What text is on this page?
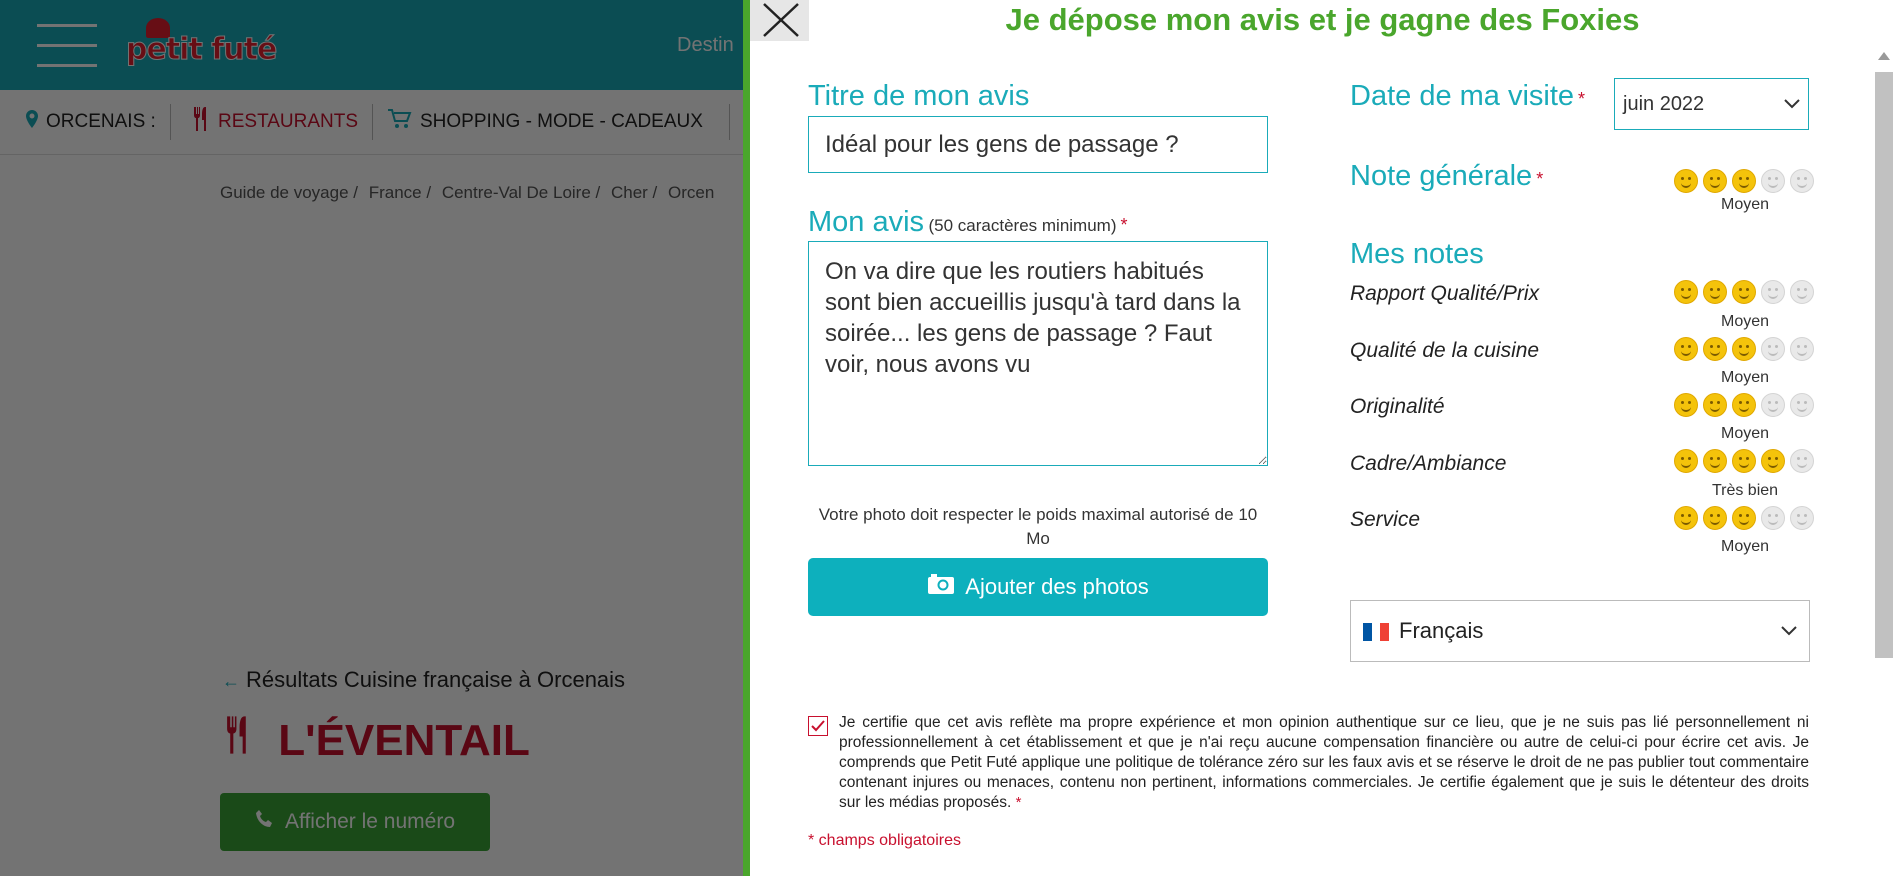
Je dépose mon avis et je gagne des Foxies
Titre de mon avis
Idéal pour les gens de passage ?
Mon avis (50 caractères minimum) *
On va dire que les routiers habitués sont bien accueillis jusqu'à tard dans la soirée... les gens de passage ? Faut voir, nous avons vu
Votre photo doit respecter le poids maximal autorisé de 10 Mo
Ajouter des photos
Date de ma visite * juin 2022
Note générale *
Moyen
Mes notes
Rapport Qualité/Prix
Moyen
Qualité de la cuisine
Moyen
Originalité
Moyen
Cadre/Ambiance
Très bien
Service
Moyen
Français
Je certifie que cet avis reflète ma propre expérience et mon opinion authentique sur ce lieu, que je ne suis pas lié personnellement ni professionnellement à cet établissement et que je n'ai reçu aucune compensation financière ou autre de celui-ci pour écrire cet avis. Je comprends que Petit Futé applique une politique de tolérance zéro sur les faux avis et se réserve le droit de ne pas publier tout commentaire contenant injures ou menaces, contenu non pertinent, informations commerciales. Je certifie également que je suis le détenteur des droits sur les médias proposés. *
* champs obligatoires
